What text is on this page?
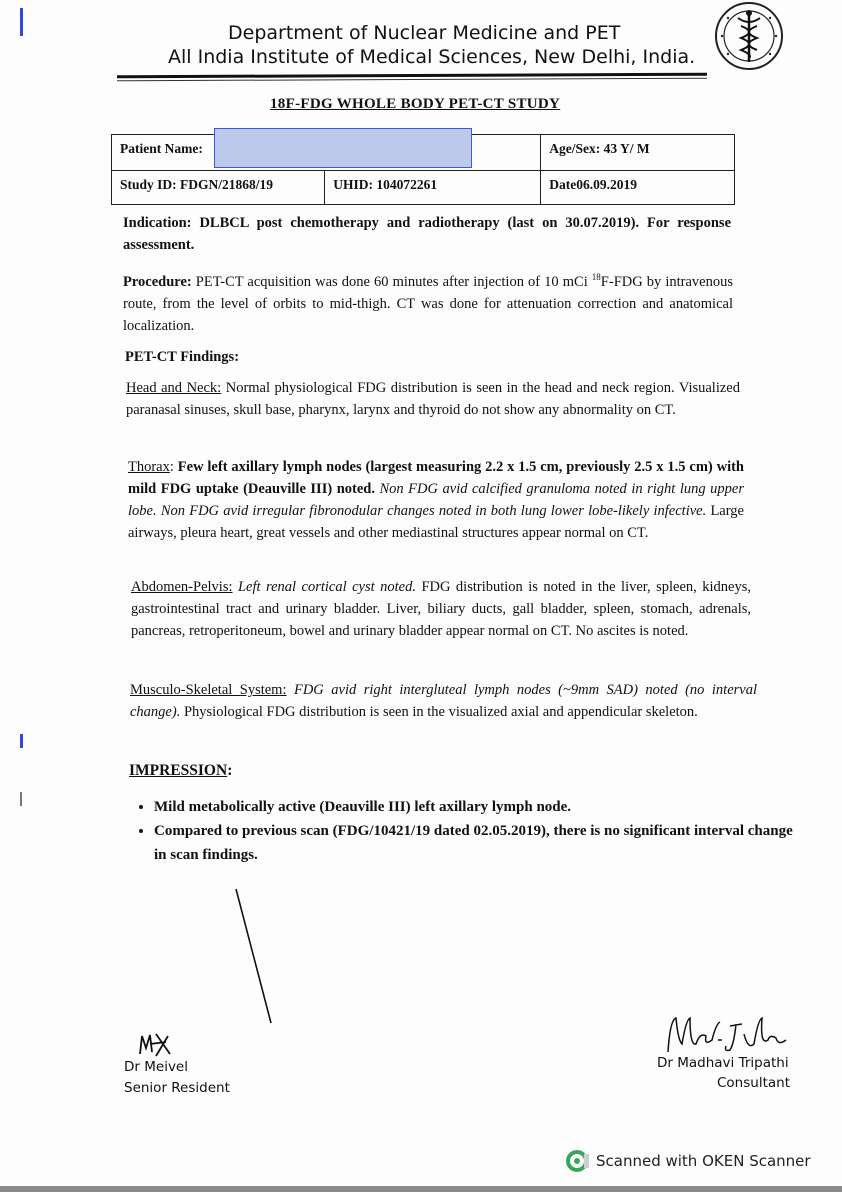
Department of Nuclear Medicine and PET
All India Institute of Medical Sciences, New Delhi, India.
18F-FDG WHOLE BODY PET-CT STUDY
Patient Name:		Age/Sex: 43 Y/ M
Study ID: FDGN/21868/19	UHID: 104072261	Date06.09.2019
Indication: DLBCL post chemotherapy and radiotherapy (last on 30.07.2019). For response assessment.
Procedure: PET-CT acquisition was done 60 minutes after injection of 10 mCi $^{18}$F-FDG by intravenous route, from the level of orbits to mid-thigh. CT was done for attenuation correction and anatomical localization.
PET-CT Findings:
Head and Neck: Normal physiological FDG distribution is seen in the head and neck region. Visualized paranasal sinuses, skull base, pharynx, larynx and thyroid do not show any abnormality on CT.
Thorax: Few left axillary lymph nodes (largest measuring 2.2 x 1.5 cm, previously 2.5 x 1.5 cm) with mild FDG uptake (Deauville III) noted. Non FDG avid calcified granuloma noted in right lung upper lobe. Non FDG avid irregular fibronodular changes noted in both lung lower lobe-likely infective. Large airways, pleura heart, great vessels and other mediastinal structures appear normal on CT.
Abdomen-Pelvis: Left renal cortical cyst noted. FDG distribution is noted in the liver, spleen, kidneys, gastrointestinal tract and urinary bladder. Liver, biliary ducts, gall bladder, spleen, stomach, adrenals, pancreas, retroperitoneum, bowel and urinary bladder appear normal on CT. No ascites is noted.
Musculo-Skeletal System: FDG avid right intergluteal lymph nodes (~9mm SAD) noted (no interval change). Physiological FDG distribution is seen in the visualized axial and appendicular skeleton.
IMPRESSION:
• Mild metabolically active (Deauville III) left axillary lymph node.
• Compared to previous scan (FDG/10421/19 dated 02.05.2019), there is no significant interval change in scan findings.
Dr Meivel
Senior Resident
Dr Madhavi Tripathi
Consultant
Scanned with OKEN Scanner
